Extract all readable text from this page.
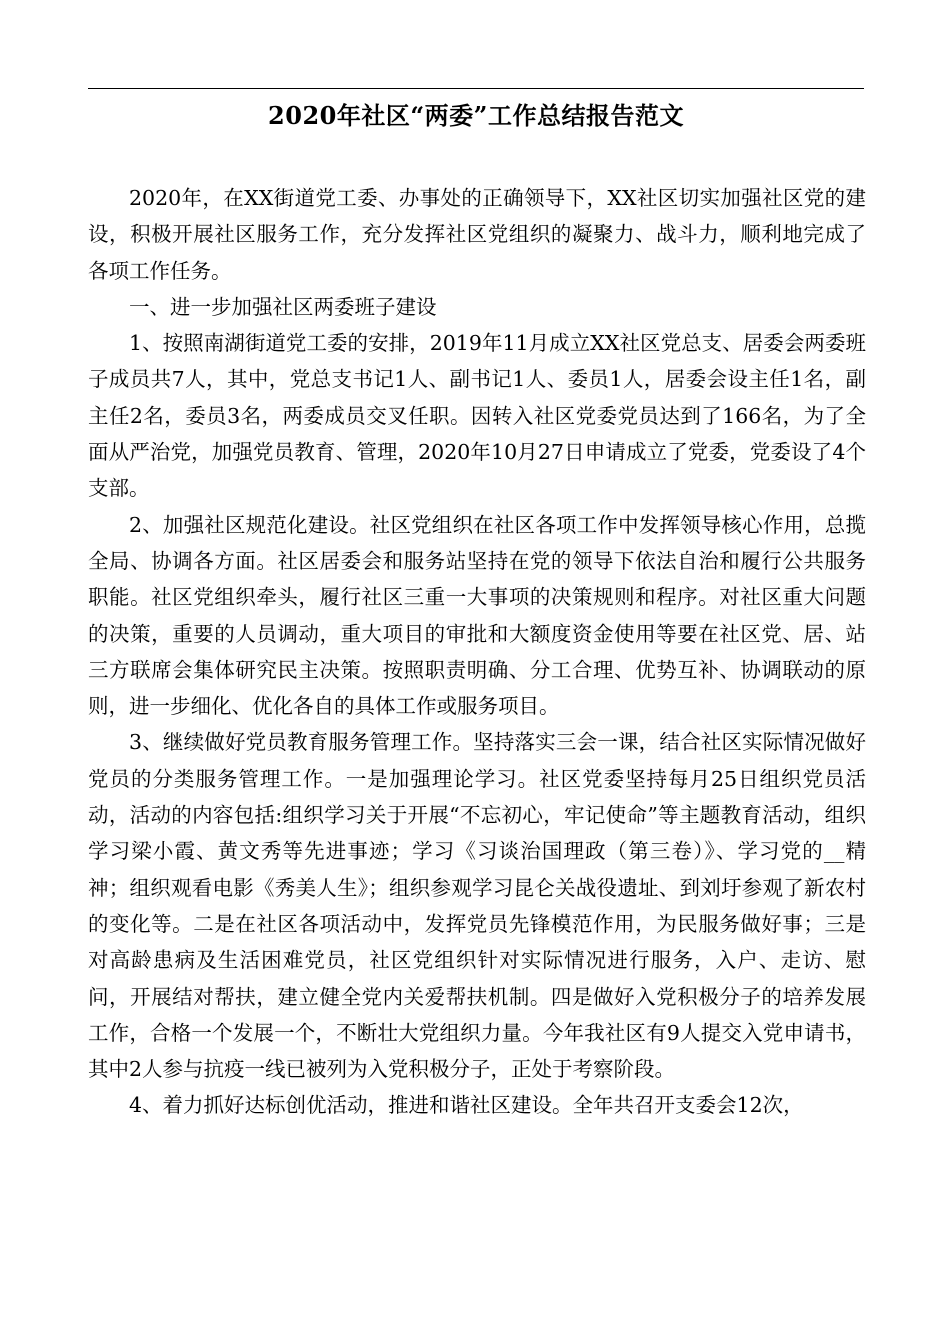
2020年社区“两委”工作总结报告范文

2020年，在XX街道党工委、办事处的正确领导下，XX社区切实加强社区党的建设，积极开展社区服务工作，充分发挥社区党组织的凝聚力、战斗力，顺利地完成了各项工作任务。

一、进一步加强社区两委班子建设

1、按照南湖街道党工委的安排，2019年11月成立XX社区党总支、居委会两委班子成员共7人，其中，党总支书记1人、副书记1人、委员1人，居委会设主任1名，副主任2名，委员3名，两委成员交叉任职。因转入社区党委党员达到了166名，为了全面从严治党，加强党员教育、管理，2020年10月27日申请成立了党委，党委设了4个支部。

2、加强社区规范化建设。社区党组织在社区各项工作中发挥领导核心作用，总揽全局、协调各方面。社区居委会和服务站坚持在党的领导下依法自治和履行公共服务职能。社区党组织牵头，履行社区三重一大事项的决策规则和程序。对社区重大问题的决策，重要的人员调动，重大项目的审批和大额度资金使用等要在社区党、居、站三方联席会集体研究民主决策。按照职责明确、分工合理、优势互补、协调联动的原则，进一步细化、优化各自的具体工作或服务项目。

3、继续做好党员教育服务管理工作。坚持落实三会一课，结合社区实际情况做好党员的分类服务管理工作。一是加强理论学习。社区党委坚持每月25日组织党员活动，活动的内容包括:组织学习关于开展“不忘初心，牢记使命”等主题教育活动，组织学习梁小霞、黄文秀等先进事迹；学习《习谈治国理政（第三卷）》、学习党的__精神；组织观看电影《秀美人生》；组织参观学习昆仑关战役遗址、到刘圩参观了新农村的变化等。二是在社区各项活动中，发挥党员先锋模范作用，为民服务做好事；三是对高龄患病及生活困难党员，社区党组织针对实际情况进行服务，入户、走访、慰问，开展结对帮扶，建立健全党内关爱帮扶机制。四是做好入党积极分子的培养发展工作，合格一个发展一个，不断壮大党组织力量。今年我社区有9人提交入党申请书，其中2人参与抗疫一线已被列为入党积极分子，正处于考察阶段。

4、着力抓好达标创优活动，推进和谐社区建设。全年共召开支委会12次，
